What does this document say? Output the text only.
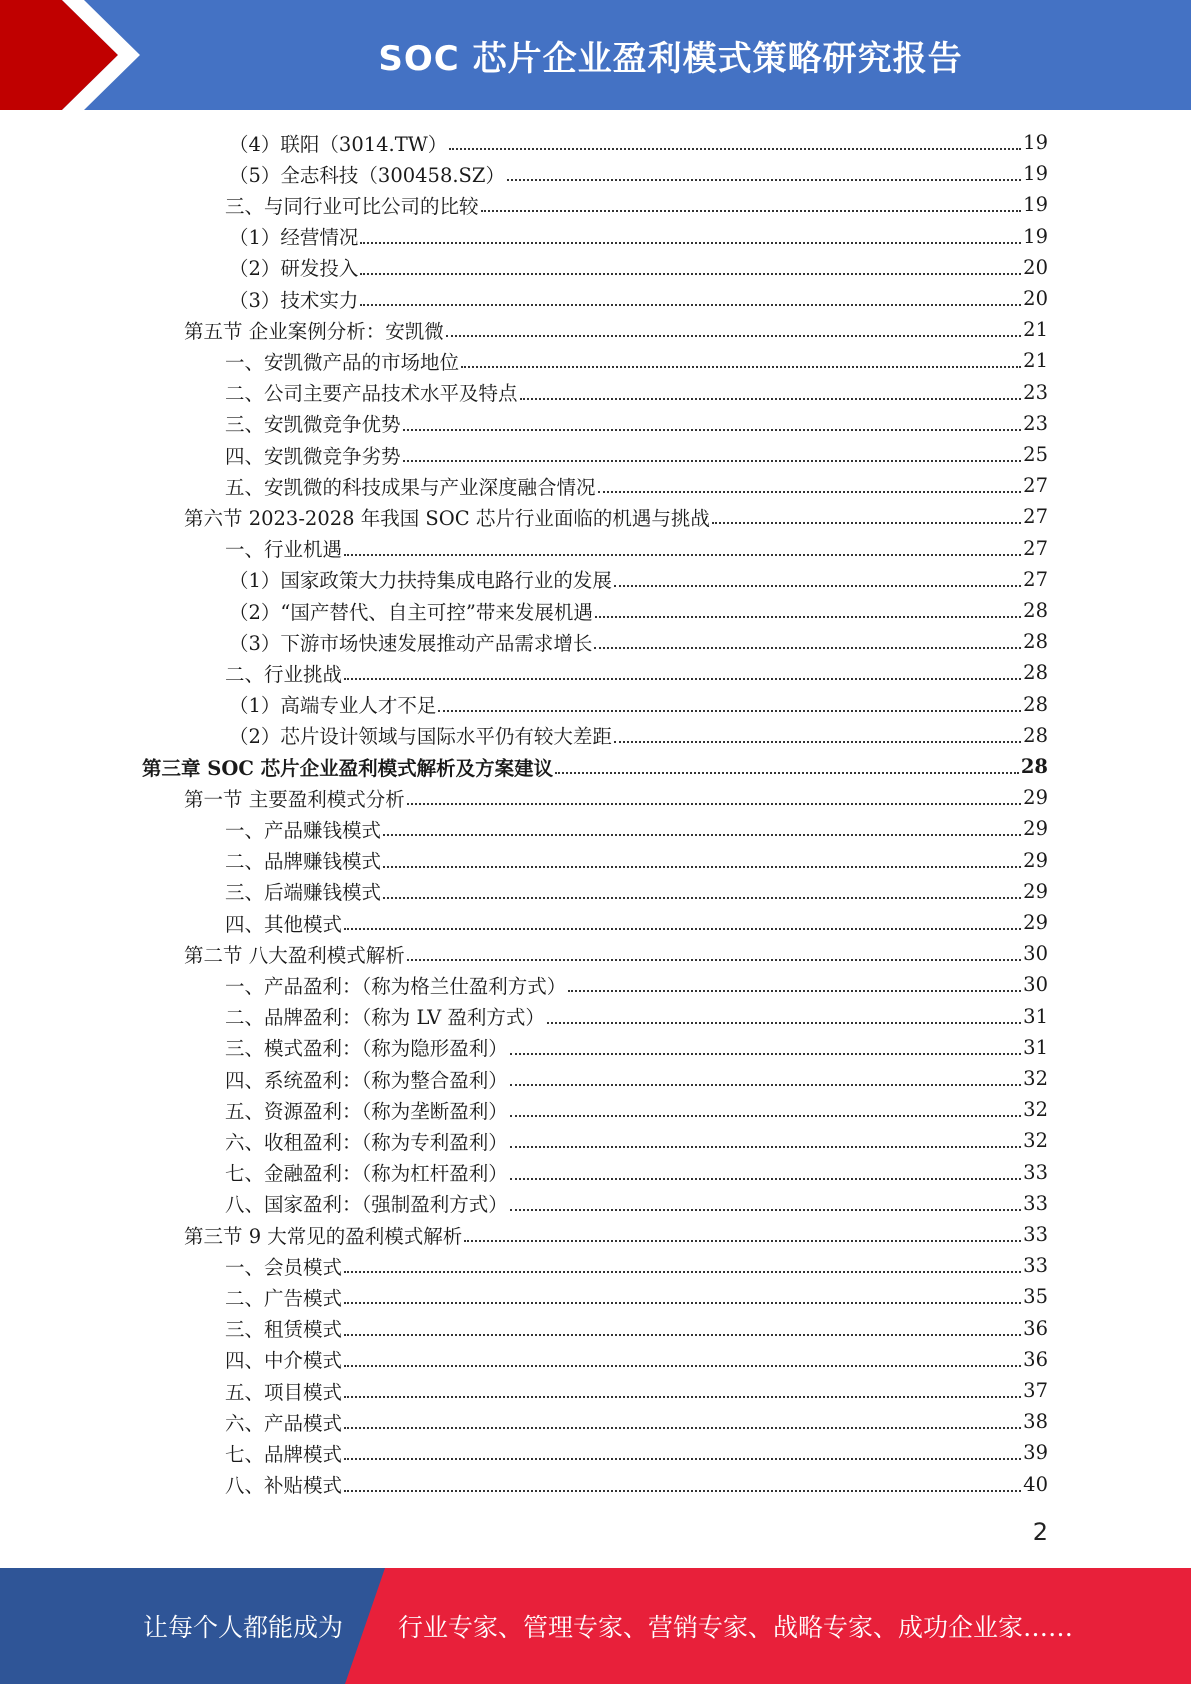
SOC 芯片企业盈利模式策略研究报告
（4）联阳（3014.TW）	19
（5）全志科技（300458.SZ）	19
三、与同行业可比公司的比较	19
（1）经营情况	19
（2）研发投入	20
（3）技术实力	20
第五节 企业案例分析：安凯微	21
一、安凯微产品的市场地位	21
二、公司主要产品技术水平及特点	23
三、安凯微竞争优势	23
四、安凯微竞争劣势	25
五、安凯微的科技成果与产业深度融合情况	27
第六节 2023-2028 年我国 SOC 芯片行业面临的机遇与挑战	27
一、行业机遇	27
（1）国家政策大力扶持集成电路行业的发展	27
（2）“国产替代、自主可控”带来发展机遇	28
（3）下游市场快速发展推动产品需求增长	28
二、行业挑战	28
（1）高端专业人才不足	28
（2）芯片设计领域与国际水平仍有较大差距	28
第三章 SOC 芯片企业盈利模式解析及方案建议	28
第一节 主要盈利模式分析	29
一、产品赚钱模式	29
二、品牌赚钱模式	29
三、后端赚钱模式	29
四、其他模式	29
第二节 八大盈利模式解析	30
一、产品盈利：（称为格兰仕盈利方式）	30
二、品牌盈利：（称为 LV 盈利方式）	31
三、模式盈利：（称为隐形盈利）	31
四、系统盈利：（称为整合盈利）	32
五、资源盈利：（称为垄断盈利）	32
六、收租盈利：（称为专利盈利）	32
七、金融盈利：（称为杠杆盈利）	33
八、国家盈利：（强制盈利方式）	33
第三节 9 大常见的盈利模式解析	33
一、会员模式	33
二、广告模式	35
三、租赁模式	36
四、中介模式	36
五、项目模式	37
六、产品模式	38
七、品牌模式	39
八、补贴模式	40
2
让每个人都能成为 行业专家、管理专家、营销专家、战略专家、成功企业家……
